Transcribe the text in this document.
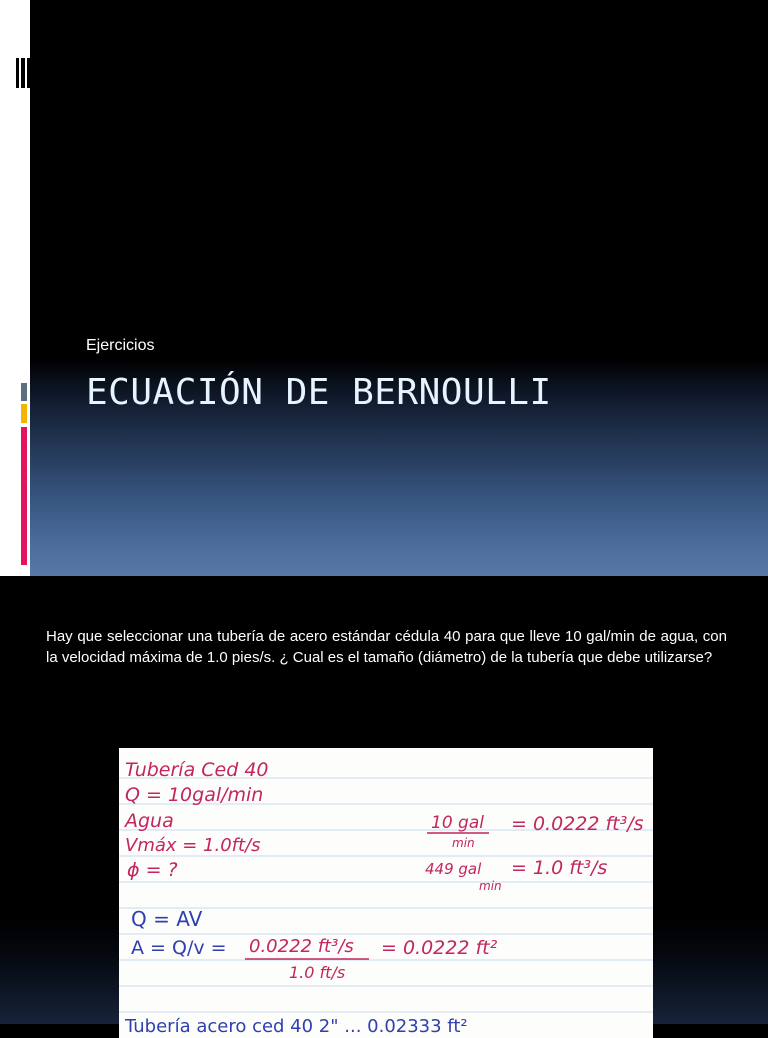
Ejercicios
ECUACIÓN DE BERNOULLI
Hay que seleccionar una tubería de acero estándar cédula 40 para que lleve 10 gal/min de agua, con la velocidad máxima de 1.0 pies/s. ¿ Cual es el tamaño (diámetro) de la tubería que debe utilizarse?
Tubería Ced 40
Q = 10gal/min
Agua
Vmáx = 1.0ft/s
ϕ = ?
10 gal
min
= 0.0222 ft³/s
449 gal
min
= 1.0 ft³/s
Q = AV
A = Q/v = 0.0222 ft³/s
1.0 ft/s
= 0.0222 ft²
Tubería acero ced 40 2" ... 0.02333 ft²
